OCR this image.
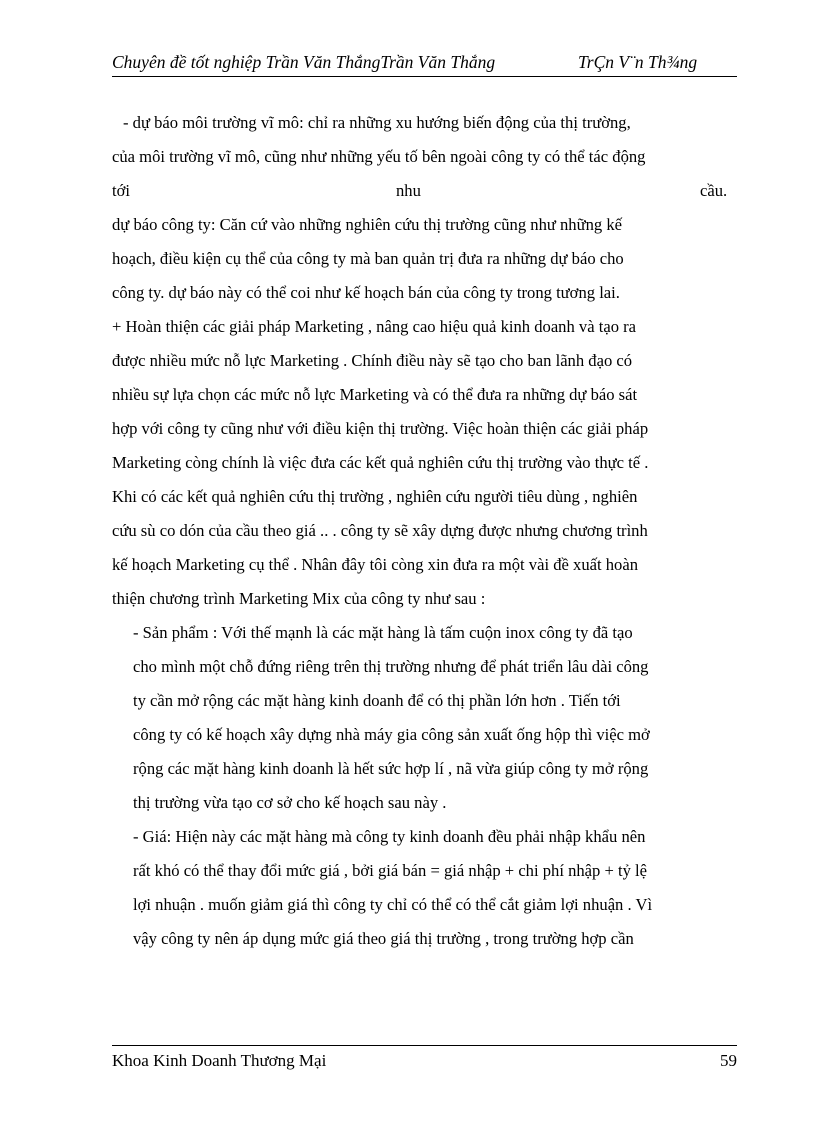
Chuyên đề tốt nghiệp Trần Văn ThắngTrần Văn Thắng	TrÇn V¨n Th¾ng
- dự báo môi trường vĩ mô: chỉ ra những xu hướng biến động của thị trường,
của môi trường vĩ mô, cũng như những yếu tố bên ngoài công ty có thể tác động
tới	nhu	cầu.
dự báo công ty: Căn cứ vào những nghiên cứu thị trường cũng như những kế
hoạch, điều kiện cụ thể của công ty mà ban quản trị đưa ra những dự báo cho
công ty. dự báo này có thể coi như kế hoạch bán của công ty trong tương lai.
+ Hoàn thiện các giải pháp Marketing , nâng cao hiệu quả kinh doanh và tạo ra
được nhiều mức nỗ lực Marketing . Chính điều này sẽ tạo cho ban lãnh đạo có
nhiều sự lựa chọn các mức nỗ lực Marketing và có thể đưa ra những dự báo sát
hợp với công ty cũng như với điều kiện thị trường. Việc hoàn thiện các giải pháp
Marketing còng chính là việc đưa các kết quả nghiên cứu thị trường vào thực tế .
Khi có các kết quả nghiên cứu thị trường , nghiên cứu người tiêu dùng , nghiên
cứu sù co dón của cầu theo giá .. . công ty sẽ xây dựng được nhưng chương trình
kế hoạch Marketing cụ thể . Nhân đây tôi còng xin đưa ra một vài đề xuất hoàn
thiện chương trình Marketing Mix của công ty như sau :
- Sản phẩm : Với thế mạnh là các mặt hàng là tấm cuộn inox công ty đã tạo
cho mình một chỗ đứng riêng trên thị trường nhưng để phát triển lâu dài công
ty cần mở rộng các mặt hàng kinh doanh để có thị phần lớn hơn . Tiến tới
công ty có kế hoạch xây dựng nhà máy gia công sản xuất ống hộp thì việc mở
rộng các mặt hàng kinh doanh là hết sức hợp lí , nã vừa giúp công ty mở rộng
thị trường vừa tạo cơ sở cho kế hoạch sau này .
- Giá: Hiện này các mặt hàng mà công ty kinh doanh đều phải nhập khẩu nên
rất khó có thể thay đổi mức giá , bởi giá bán = giá nhập + chi phí nhập + tỷ lệ
lợi nhuận . muốn giảm giá thì công ty chỉ có thể có thể cắt giảm lợi nhuận . Vì
vậy công ty nên áp dụng mức giá theo giá thị trường , trong trường hợp cần
Khoa Kinh Doanh Thương Mại	59
